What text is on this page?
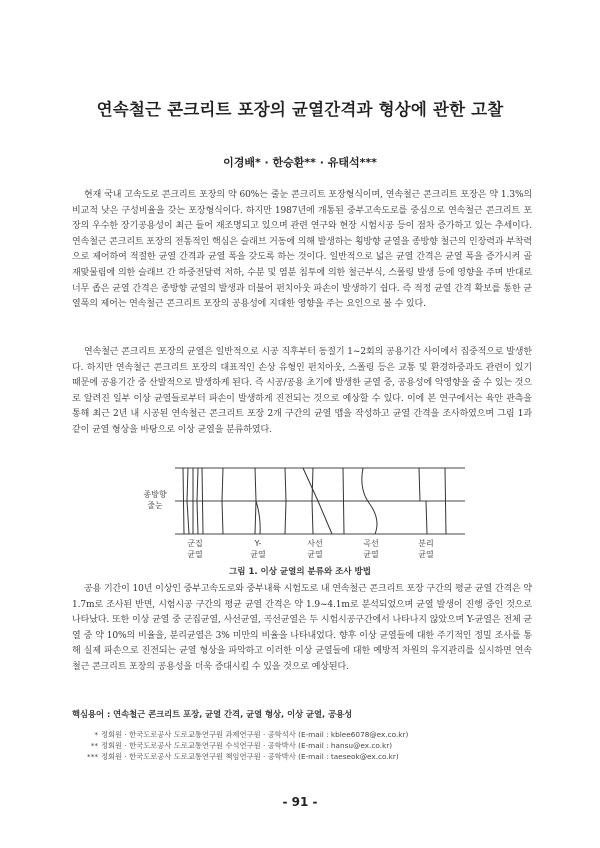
연속철근 콘크리트 포장의 균열간격과 형상에 관한 고찰
이경배* · 한승환** · 유태석***

현재 국내 고속도로 콘크리트 포장의 약 60%는 줄눈 콘크리트 포장형식이며, 연속철근 콘크리트 포장은 약 1.3%의 비교적 낮은 구성비율을 갖는 포장형식이다. 하지만 1987년에 개통된 중부고속도로를 중심으로 연속철근 콘크리트 포장의 우수한 장기공용성이 최근 들어 재조명되고 있으며 관련 연구와 현장 시험시공 등이 점차 증가하고 있는 추세이다. 연속철근 콘크리트 포장의 전통적인 핵심은 슬래브 거동에 의해 발생하는 횡방향 균열을 종방향 철근의 인장력과 부착력으로 제어하여 적절한 균열 간격과 균열 폭을 갖도록 하는 것이다. 일반적으로 넓은 균열 간격은 균열 폭을 증가시켜 골재맞물림에 의한 슬래브 간 하중전달력 저하, 수분 및 염분 침투에 의한 철근부식, 스폴링 발생 등에 영향을 주며 반대로 너무 좁은 균열 간격은 종방향 균열의 발생과 더불어 펀치아웃 파손이 발생하기 쉽다. 즉 적정 균열 간격 확보를 통한 균열폭의 제어는 연속철근 콘크리트 포장의 공용성에 지대한 영향을 주는 요인으로 볼 수 있다.

연속철근 콘크리트 포장의 균열은 일반적으로 시공 직후부터 동절기 1~2회의 공용기간 사이에서 집중적으로 발생한다. 하지만 연속철근 콘크리트 포장의 대표적인 손상 유형인 펀치아웃, 스폴링 등은 교통 및 환경하중과도 관련이 있기 때문에 공용기간 중 산발적으로 발생하게 된다. 즉 시공/공용 초기에 발생한 균열 중, 공용성에 악영향을 줄 수 있는 것으로 알려진 일부 이상 균열들로부터 파손이 발생하게 진전되는 것으로 예상할 수 있다. 이에 본 연구에서는 육안 관측을 통해 최근 2년 내 시공된 연속철근 콘크리트 포장 2개 구간의 균열 맵을 작성하고 균열 간격을 조사하였으며 그림 1과 같이 균열 형상을 바탕으로 이상 균열을 분류하였다.

종방향
줄눈
군집
균열
Y-
균열
사선
균열
곡선
균열
분리
균열
그림 1. 이상 균열의 분류와 조사 방법

공용 기간이 10년 이상인 중부고속도로와 중부내륙 시험도로 내 연속철근 콘크리트 포장 구간의 평균 균열 간격은 약 1.7m로 조사된 반면, 시험시공 구간의 평균 균열 간격은 약 1.9~4.1m로 분석되었으며 균열 발생이 진행 중인 것으로 나타났다. 또한 이상 균열 중 군집균열, 사선균열, 곡선균열은 두 시험시공구간에서 나타나지 않았으며 Y-균열은 전체 균열 중 약 10%의 비율을, 분리균열은 3% 미만의 비율을 나타내었다. 향후 이상 균열들에 대한 주기적인 정밀 조사를 통해 실제 파손으로 진전되는 균열 형상을 파악하고 이러한 이상 균열들에 대한 예방적 차원의 유지관리를 실시하면 연속철근 콘크리트 포장의 공용성을 더욱 증대시킬 수 있을 것으로 예상된다.

핵심용어 : 연속철근 콘크리트 포장, 균열 간격, 균열 형상, 이상 균열, 공용성
* 정회원 · 한국도로공사 도로교통연구원 과제연구원 · 공학석사 (E-mail : kblee6078@ex.co.kr)
** 정회원 · 한국도로공사 도로교통연구원 수석연구원 · 공학박사 (E-mail : hansu@ex.co.kr)
*** 정회원 · 한국도로공사 도로교통연구원 책임연구원 · 공학박사 (E-mail : taeseok@ex.co.kr)
- 91 -
